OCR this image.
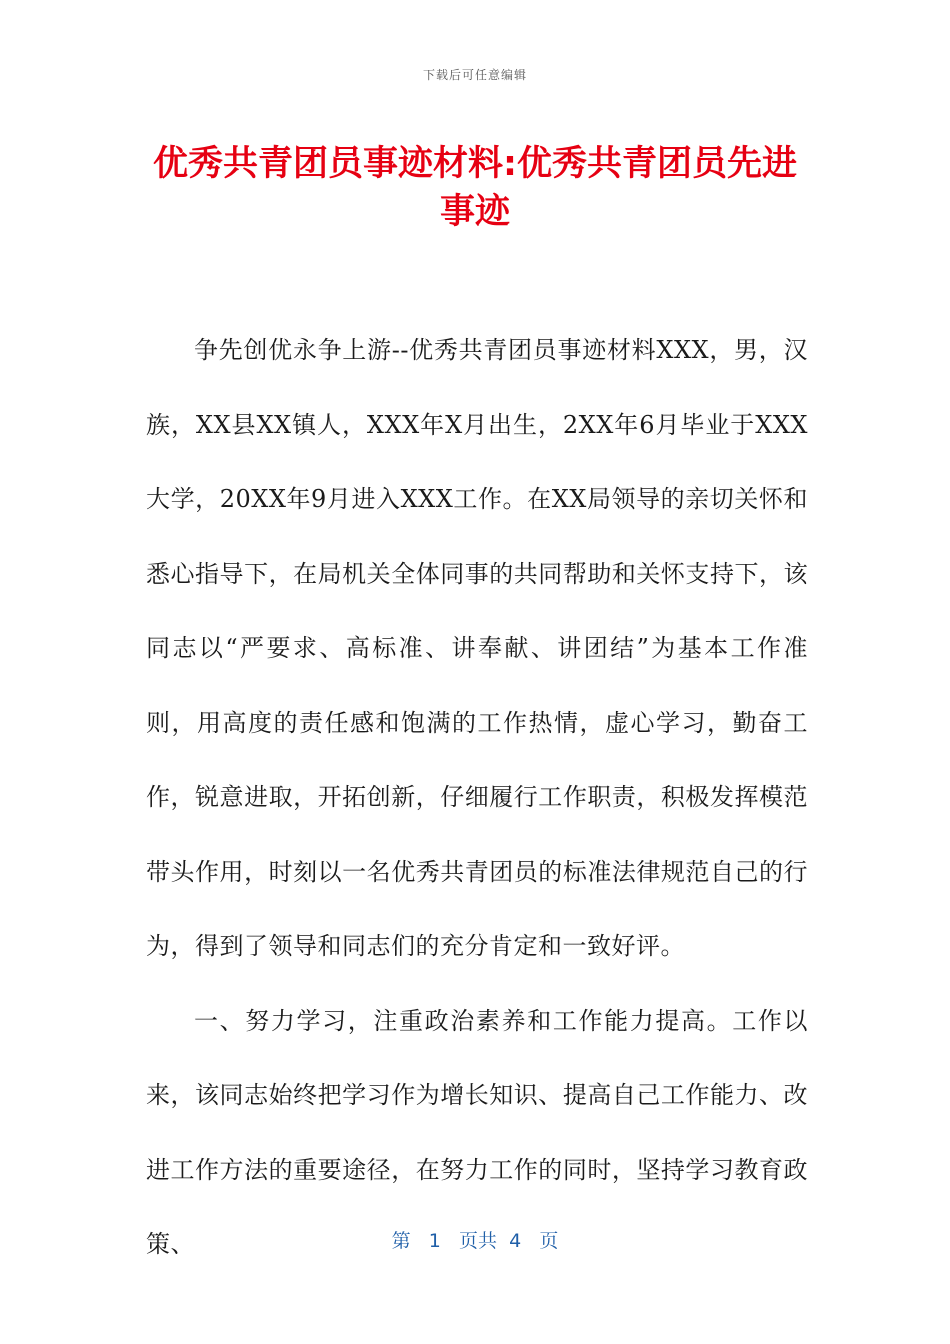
下载后可任意编辑
优秀共青团员事迹材料:优秀共青团员先进事迹

争先创优永争上游--优秀共青团员事迹材料XXX，男，汉族，XX县XX镇人，XXX年X月出生，2XX年6月毕业于XXX大学，20XX年9月进入XXX工作。在XX局领导的亲切关怀和悉心指导下，在局机关全体同事的共同帮助和关怀支持下，该同志以“严要求、高标准、讲奉献、讲团结”为基本工作准则，用高度的责任感和饱满的工作热情，虚心学习，勤奋工作，锐意进取，开拓创新，仔细履行工作职责，积极发挥模范带头作用，时刻以一名优秀共青团员的标准法律规范自己的行为，得到了领导和同志们的充分肯定和一致好评。

一、努力学习，注重政治素养和工作能力提高。工作以来，该同志始终把学习作为增长知识、提高自己工作能力、改进工作方法的重要途径，在努力工作的同时，坚持学习教育政策、	第 1 页共 4 页
